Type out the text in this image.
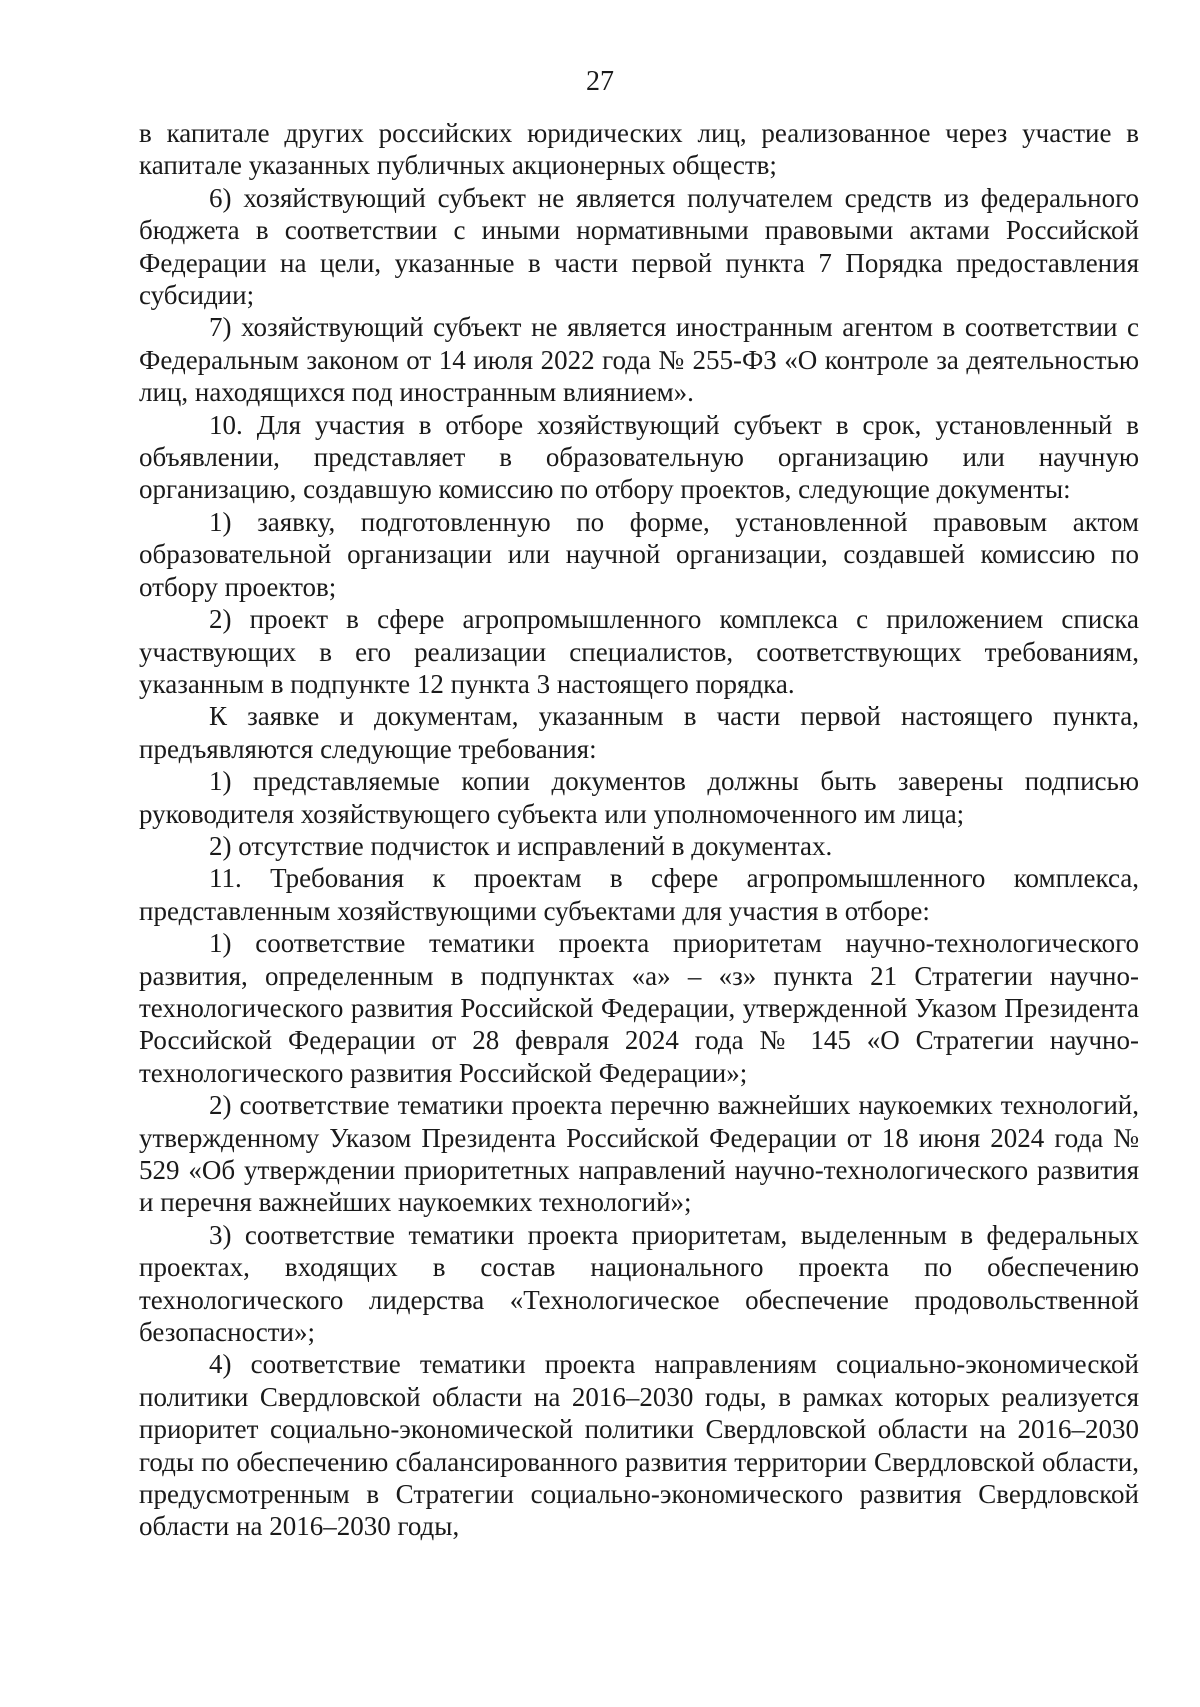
27

в капитале других российских юридических лиц, реализованное через участие в капитале указанных публичных акционерных обществ;

6) хозяйствующий субъект не является получателем средств из федерального бюджета в соответствии с иными нормативными правовыми актами Российской Федерации на цели, указанные в части первой пункта 7 Порядка предоставления субсидии;

7) хозяйствующий субъект не является иностранным агентом в соответствии с Федеральным законом от 14 июля 2022 года № 255-ФЗ «О контроле за деятельностью лиц, находящихся под иностранным влиянием».

10. Для участия в отборе хозяйствующий субъект в срок, установленный в объявлении, представляет в образовательную организацию или научную организацию, создавшую комиссию по отбору проектов, следующие документы:

1) заявку, подготовленную по форме, установленной правовым актом образовательной организации или научной организации, создавшей комиссию по отбору проектов;

2) проект в сфере агропромышленного комплекса с приложением списка участвующих в его реализации специалистов, соответствующих требованиям, указанным в подпункте 12 пункта 3 настоящего порядка.

К заявке и документам, указанным в части первой настоящего пункта, предъявляются следующие требования:

1) представляемые копии документов должны быть заверены подписью руководителя хозяйствующего субъекта или уполномоченного им лица;

2) отсутствие подчисток и исправлений в документах.

11. Требования к проектам в сфере агропромышленного комплекса, представленным хозяйствующими субъектами для участия в отборе:

1) соответствие тематики проекта приоритетам научно-технологического развития, определенным в подпунктах «а» – «з» пункта 21 Стратегии научно-технологического развития Российской Федерации, утвержденной Указом Президента Российской Федерации от 28 февраля 2024 года № 145 «О Стратегии научно-технологического развития Российской Федерации»;

2) соответствие тематики проекта перечню важнейших наукоемких технологий, утвержденному Указом Президента Российской Федерации от 18 июня 2024 года № 529 «Об утверждении приоритетных направлений научно-технологического развития и перечня важнейших наукоемких технологий»;

3) соответствие тематики проекта приоритетам, выделенным в федеральных проектах, входящих в состав национального проекта по обеспечению технологического лидерства «Технологическое обеспечение продовольственной безопасности»;

4) соответствие тематики проекта направлениям социально-экономической политики Свердловской области на 2016–2030 годы, в рамках которых реализуется приоритет социально-экономической политики Свердловской области на 2016–2030 годы по обеспечению сбалансированного развития территории Свердловской области, предусмотренным в Стратегии социально-экономического развития Свердловской области на 2016–2030 годы,
